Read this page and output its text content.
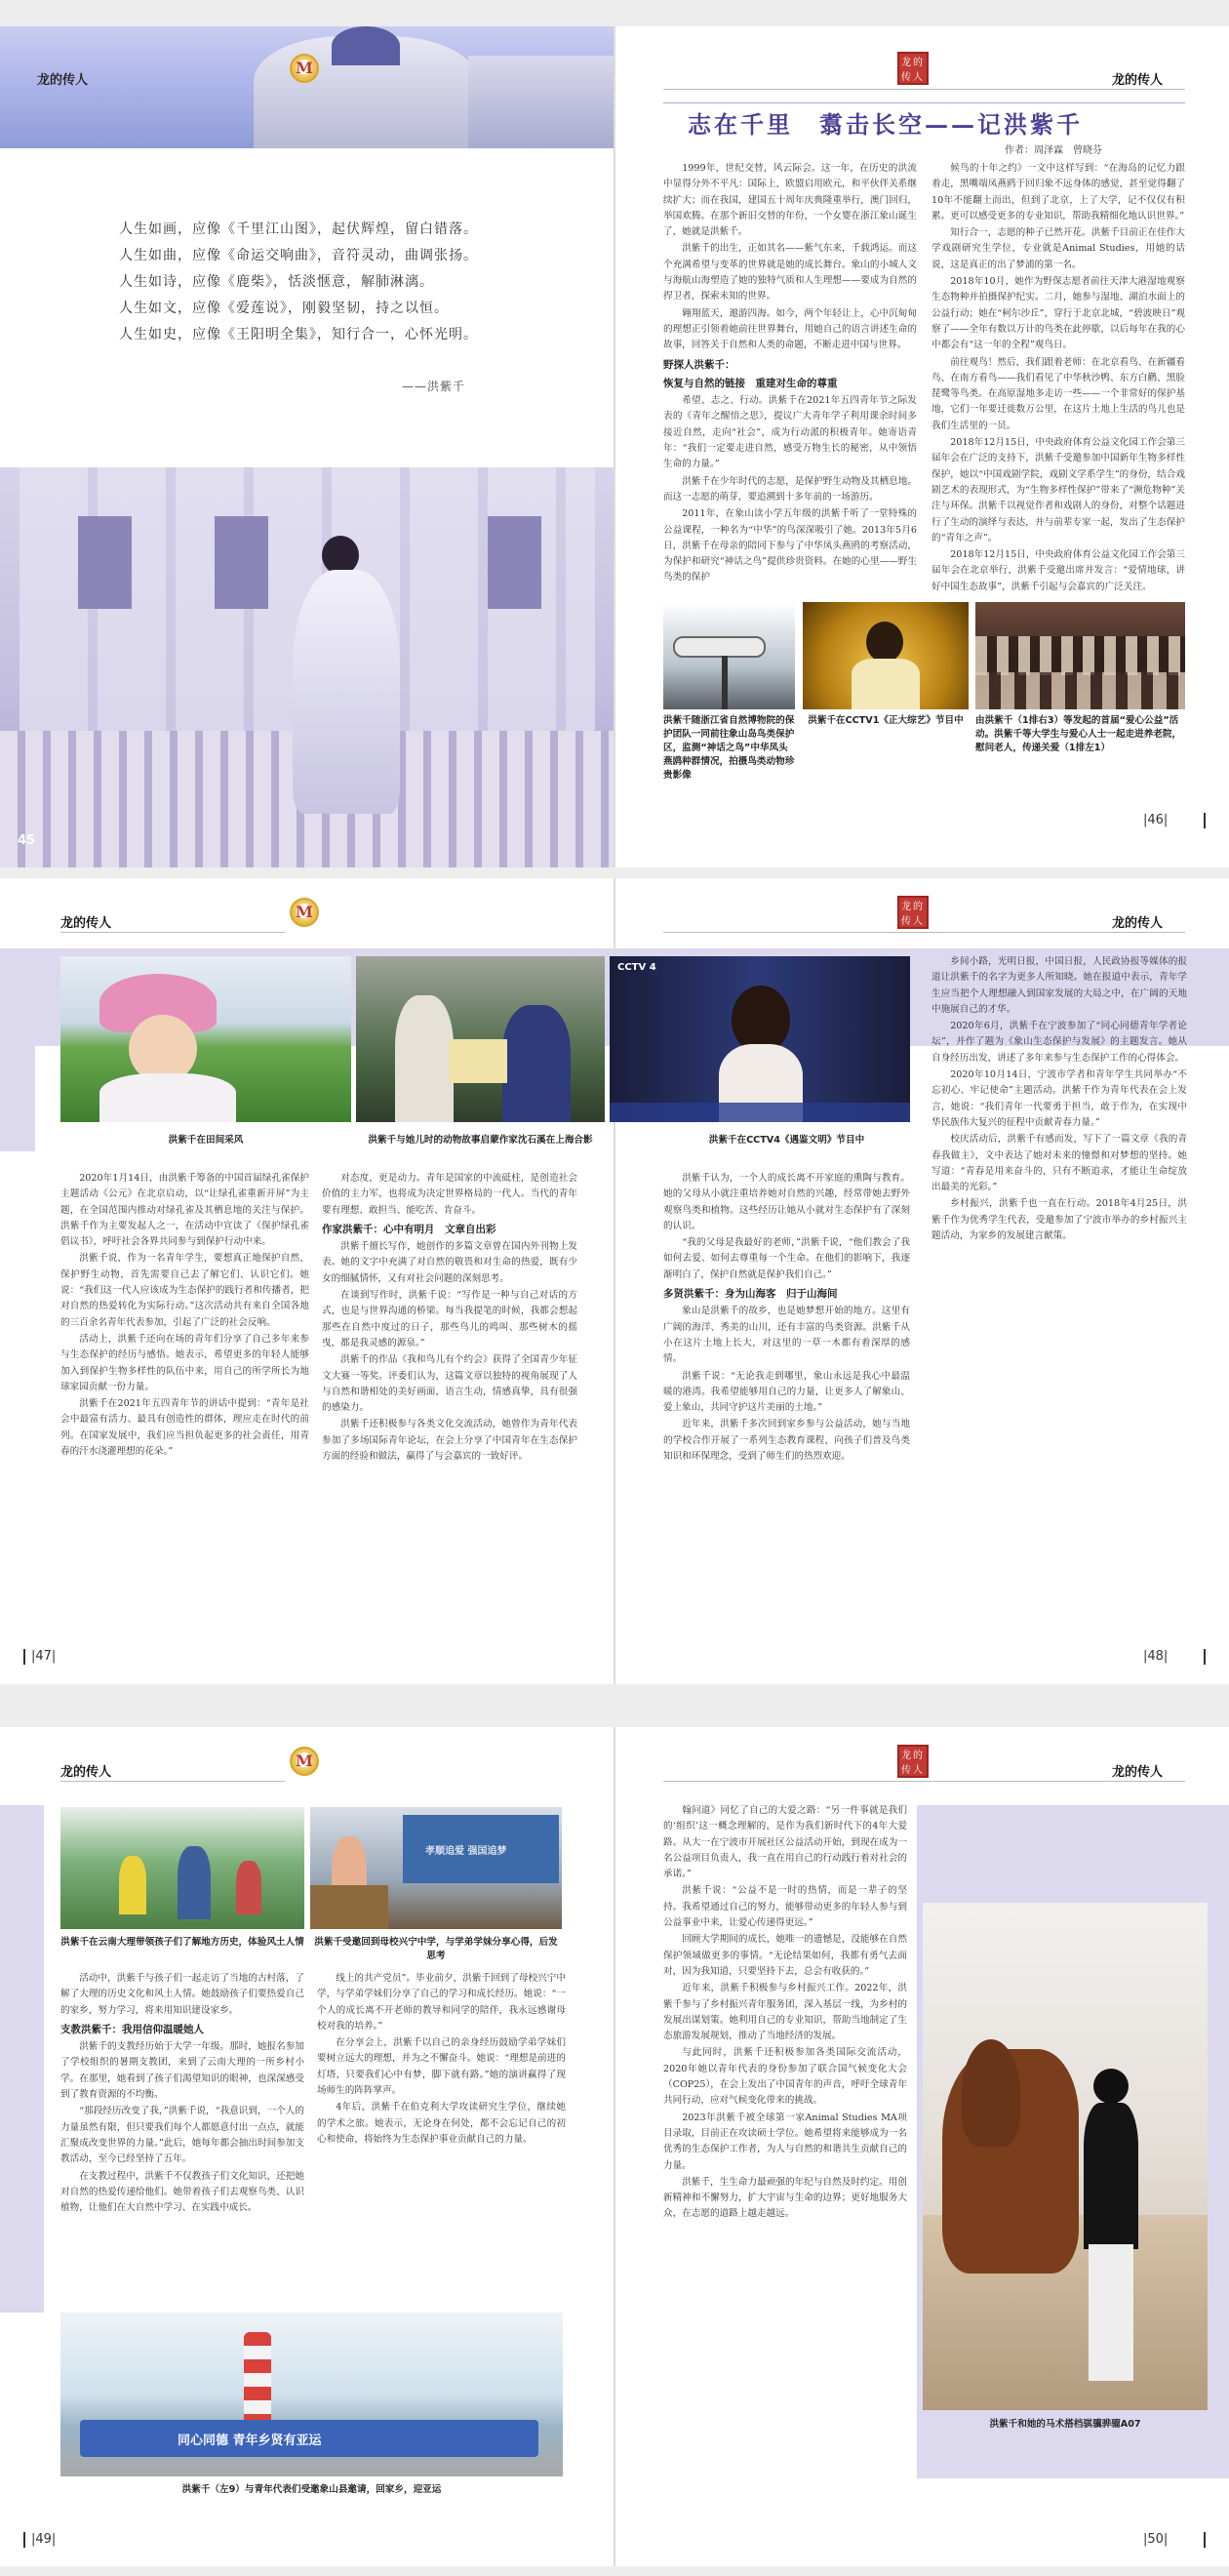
M
龙的传人
人生如画，应像《千里江山图》，起伏辉煌，留白错落。
人生如曲，应像《命运交响曲》，音符灵动，曲调张扬。
人生如诗，应像《鹿柴》，恬淡惬意，解肺淋漓。
人生如文，应像《爱莲说》，刚毅坚韧，持之以恒。
人生如史，应像《王阳明全集》，知行合一，心怀光明。
——洪紫千
45
龙的
传人	龙的传人
志在千里　翥击长空——记洪紫千
作者：周泽霖　曾晓芬

1999年，世纪交替，风云际会。这一年，在历史的洪流中显得分外不平凡：国际上，欧盟启用欧元，和平伙伴关系继续扩大；而在我国，建国五十周年庆典隆重举行，澳门回归，举国欢腾。在那个新旧交替的年份，一个女婴在浙江象山诞生了，她就是洪紫千。

洪紫千的出生，正如其名——紫气东来，千载鸿运。而这个充满希望与变革的世界就是她的成长舞台。象山的小城人文与海航山海塑造了她的独特气质和人生理想——要成为自然的捍卫者，探索未知的世界。

翱翔蓝天，遨游四海。如今，两个年轻让上，心中沉甸甸的理想正引领着她前往世界舞台，用她自己的语言讲述生命的故事，回答关于自然和人类的命题，不断走进中国与世界。

野探人洪紫千：
恢复与自然的链接　重建对生命的尊重

希望、志之、行动。洪紫千在2021年五四青年节之际发表的《青年之醒悟之思》，提议广大青年学子利用课余时间多接近自然，走向“社会”，成为行动派的积极青年。她寄语青年：“我们一定要走进自然，感受万物生长的秘密，从中领悟生命的力量。”

洪紫千在少年时代的志愿，是保护野生动物及其栖息地。而这一志愿的萌芽，要追溯到十多年前的一场游历。

2011年，在象山读小学五年级的洪紫千听了一堂特殊的公益课程，一种名为“中华”的鸟深深吸引了她。2013年5月6日，洪紫千在母亲的陪同下参与了中华凤头燕鸥的考察活动，为保护和研究“神话之鸟”提供珍贵资料。在她的心里——野生鸟类的保护

候鸟的十年之约》一文中这样写到：“在海岛的记忆力跟着走，黑嘴端凤燕鸥于回归象不远身体的感觉，甚至觉得翻了10年不能翻土而出，但到了北京，上了大学，记不仅仅有积累。更可以感受更多的专业知识，帮助我精细化地认识世界。”

知行合一，志愿的种子已然开花。洪紫千目前正在佳作大学戏剧研究生学位，专业就是Animal Studies，用她的话说，这是真正的出了梦浦的第一名。

2018年10月，她作为野保志愿者前往天津大港湿地观察生态物种并拍摄保护纪实。二月，她参与湿地、湖泊水面上的公益行动；她在“柯尔沙丘”，穿行于北京北城，“碧波映日”观察了——全年有数以万计的鸟类在此停歇，以后每年在我的心中都会有“这一年的全程”观鸟日。

前往观鸟！然后，我们跟着老师：在北京看鸟、在新疆看鸟、在南方看鸟——我们看见了中华秋沙鸭、东方白鹳、黑脸琵鹭等鸟类。在高原湿地多走访一些——一个非常好的保护基地，它们一年要迁徙数万公里，在这片土地上生活的鸟儿也是我们生活里的一员。

2018年12月15日，中央政府体育公益文化园工作会第三届年会在广泛的支持下，洪紫千受邀参加中国新年生物多样性保护，她以“中国戏剧学院，戏剧文学系学生”的身份，结合戏剧艺术的表现形式，为“生物多样性保护”带来了“濒危物种”关注与环保。洪紫千以视觉作者和戏剧人的身份，对整个话题进行了生动的演绎与表达，并与前辈专家一起，发出了生态保护的“青年之声”。

2018年12月15日，中央政府体育公益文化园工作会第三届年会在北京举行，洪紫千受邀出席并发言：“爱情地球，讲好中国生态故事”，洪紫千引起与会嘉宾的广泛关注。

洪紫千随浙江省自然博物院的保护团队一同前往象山岛鸟类保护区，监测“神话之鸟”中华凤头燕鸥种群情况，拍摄鸟类动物珍贵影像
洪紫千在CCTV1《正大综艺》节目中	由洪紫千（1排右3）等发起的首届“爱心公益”活动。洪紫千等大学生与爱心人士一起走进养老院，慰问老人，传递关爱（1排左1）
|46|
M
龙的传人
龙的
传人	龙的传人
CCTV 4
洪紫千在田间采风	洪紫千与她儿时的动物故事启蒙作家沈石溪在上海合影	洪紫千在CCTV4《遇鉴文明》节目中

2020年1月14日，由洪紫千筹备的中国首届绿孔雀保护主题活动《公元》在北京启动，以“让绿孔雀重新开屏”为主题，在全国范围内推动对绿孔雀及其栖息地的关注与保护。洪紫千作为主要发起人之一，在活动中宣读了《保护绿孔雀倡议书》，呼吁社会各界共同参与到保护行动中来。

洪紫千说，作为一名青年学生，要想真正地保护自然、保护野生动物，首先需要自己去了解它们、认识它们。她说：“我们这一代人应该成为生态保护的践行者和传播者，把对自然的热爱转化为实际行动。”这次活动共有来自全国各地的三百余名青年代表参加，引起了广泛的社会反响。

活动上，洪紫千还向在场的青年们分享了自己多年来参与生态保护的经历与感悟。她表示，希望更多的年轻人能够加入到保护生物多样性的队伍中来，用自己的所学所长为地球家园贡献一份力量。

洪紫千在2021年五四青年节的讲话中提到：“青年是社会中最富有活力、最具有创造性的群体，理应走在时代的前列。在国家发展中，我们应当担负起更多的社会责任，用青春的汗水浇灌理想的花朵。”

对态度，更是动力。青年是国家的中流砥柱，是创造社会价值的主力军，也将成为决定世界格局的一代人。当代的青年要有理想、敢担当、能吃苦、肯奋斗。

作家洪紫千：心中有明月　文章自出彩

洪紫千擅长写作，她创作的多篇文章曾在国内外刊物上发表。她的文字中充满了对自然的敬畏和对生命的热爱，既有少女的细腻情怀，又有对社会问题的深刻思考。

在谈到写作时，洪紫千说：“写作是一种与自己对话的方式，也是与世界沟通的桥梁。每当我提笔的时候，我都会想起那些在自然中度过的日子，那些鸟儿的鸣叫、那些树木的摇曳，都是我灵感的源泉。”

洪紫千的作品《我和鸟儿有个约会》获得了全国青少年征文大赛一等奖。评委们认为，这篇文章以独特的视角展现了人与自然和谐相处的美好画面，语言生动，情感真挚，具有很强的感染力。

洪紫千还积极参与各类文化交流活动，她曾作为青年代表参加了多场国际青年论坛，在会上分享了中国青年在生态保护方面的经验和做法，赢得了与会嘉宾的一致好评。

洪紫千认为，一个人的成长离不开家庭的熏陶与教育。她的父母从小就注重培养她对自然的兴趣，经常带她去野外观察鸟类和植物。这些经历让她从小就对生态保护有了深刻的认识。

“我的父母是我最好的老师，”洪紫千说，“他们教会了我如何去爱、如何去尊重每一个生命。在他们的影响下，我逐渐明白了，保护自然就是保护我们自己。”

多贤洪紫千：身为山海客　归于山海间

象山是洪紫千的故乡，也是她梦想开始的地方。这里有广阔的海洋、秀美的山川，还有丰富的鸟类资源。洪紫千从小在这片土地上长大，对这里的一草一木都有着深厚的感情。

洪紫千说：“无论我走到哪里，象山永远是我心中最温暖的港湾。我希望能够用自己的力量，让更多人了解象山、爱上象山，共同守护这片美丽的土地。”

近年来，洪紫千多次回到家乡参与公益活动，她与当地的学校合作开展了一系列生态教育课程，向孩子们普及鸟类知识和环保理念，受到了师生们的热烈欢迎。

乡间小路，光明日报，中国日报，人民政协报等媒体的报道让洪紫千的名字为更多人所知晓。她在报道中表示，青年学生应当把个人理想融入到国家发展的大局之中，在广阔的天地中施展自己的才华。

2020年6月，洪紫千在宁波参加了“同心同德青年学者论坛”，并作了题为《象山生态保护与发展》的主题发言。她从自身经历出发，讲述了多年来参与生态保护工作的心得体会。

2020年10月14日，宁波市学者和青年学生共同举办“不忘初心、牢记使命”主题活动。洪紫千作为青年代表在会上发言，她说：“我们青年一代要勇于担当，敢于作为，在实现中华民族伟大复兴的征程中贡献青春力量。”

校庆活动后，洪紫千有感而发，写下了一篇文章《我的青春我做主》，文中表达了她对未来的憧憬和对梦想的坚持。她写道：“青春是用来奋斗的，只有不断追求，才能让生命绽放出最美的光彩。”

乡村振兴，洪紫千也一直在行动。2018年4月25日，洪紫千作为优秀学生代表，受邀参加了宁波市举办的乡村振兴主题活动，为家乡的发展建言献策。

|47|	|48|
M
龙的传人
龙的
传人	龙的传人
孝顺追爱 强国追梦
洪紫千在云南大理带领孩子们了解地方历史，体验风土人情	洪紫千受邀回到母校兴宁中学，与学弟学妹分享心得，后发思考

活动中，洪紫千与孩子们一起走访了当地的古村落，了解了大理的历史文化和风土人情。她鼓励孩子们要热爱自己的家乡，努力学习，将来用知识建设家乡。

支教洪紫千：我用信仰温暖她人

洪紫千的支教经历始于大学一年级。那时，她报名参加了学校组织的暑期支教团，来到了云南大理的一所乡村小学。在那里，她看到了孩子们渴望知识的眼神，也深深感受到了教育资源的不均衡。

“那段经历改变了我，”洪紫千说，“我意识到，一个人的力量虽然有限，但只要我们每个人都愿意付出一点点，就能汇聚成改变世界的力量。”此后，她每年都会抽出时间参加支教活动，至今已经坚持了五年。

在支教过程中，洪紫千不仅教孩子们文化知识，还把她对自然的热爱传递给他们。她带着孩子们去观察鸟类、认识植物，让他们在大自然中学习、在实践中成长。

线上的共产党员”。毕业前夕，洪紫千回到了母校兴宁中学，与学弟学妹们分享了自己的学习和成长经历。她说：“一个人的成长离不开老师的教导和同学的陪伴，我永远感谢母校对我的培养。”

在分享会上，洪紫千以自己的亲身经历鼓励学弟学妹们要树立远大的理想，并为之不懈奋斗。她说：“理想是前进的灯塔，只要我们心中有梦，脚下就有路。”她的演讲赢得了现场师生的阵阵掌声。

4年后，洪紫千在伯克利大学攻读研究生学位，继续她的学术之旅。她表示，无论身在何处，都不会忘记自己的初心和使命，将始终为生态保护事业贡献自己的力量。

同心同德 青年乡贤有亚运
洪紫千（左9）与青年代表们受邀象山县邀请，回家乡，迎亚运

翰问道》同忆了自己的大爱之路：“另一件事就是我们的‘组织’这一概念理解的，是作为我们新时代下的4年大爱路。从大一在宁波市开展社区公益活动开始，到现在成为一名公益项目负责人，我一直在用自己的行动践行着对社会的承诺。”

洪紫千说：“公益不是一时的热情，而是一辈子的坚持。我希望通过自己的努力，能够带动更多的年轻人参与到公益事业中来，让爱心传递得更远。”

回顾大学期间的成长，她唯一的遗憾是，没能够在自然保护领域做更多的事情。“无论结果如何，我都有勇气去面对，因为我知道，只要坚持下去，总会有收获的。”

近年来，洪紫千积极参与乡村振兴工作。2022年，洪紫千参与了乡村振兴青年服务团，深入基层一线，为乡村的发展出谋划策。她利用自己的专业知识，帮助当地制定了生态旅游发展规划，推动了当地经济的发展。

与此同时，洪紫千还积极参加各类国际交流活动，2020年她以青年代表的身份参加了联合国气候变化大会（COP25），在会上发出了中国青年的声音，呼吁全球青年共同行动，应对气候变化带来的挑战。

2023年洪紫千被全球第一家Animal Studies MA项目录取，目前正在攻读硕士学位。她希望将来能够成为一名优秀的生态保护工作者，为人与自然的和谐共生贡献自己的力量。

洪紫千，生生命力最顽强的年纪与自然及时约定。用创新精神和不懈努力，扩大宇宙与生命的边界；更好地服务大众，在志愿的道路上越走越远。

洪紫千和她的马术搭档骐骥骅骝A07
|49|	|50|
